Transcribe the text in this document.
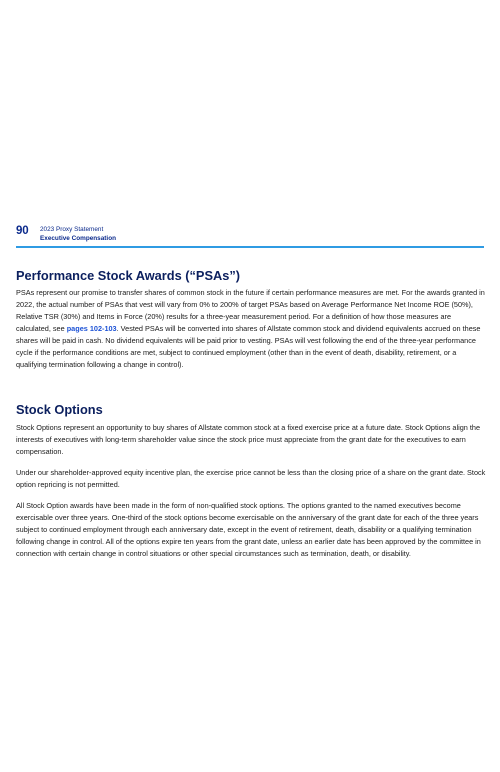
90 2023 Proxy Statement
Executive Compensation
Performance Stock Awards (“PSAs”)

PSAs represent our promise to transfer shares of common stock in the future if certain performance measures are met. For the awards granted in 2022, the actual number of PSAs that vest will vary from 0% to 200% of target PSAs based on Average Performance Net Income ROE (50%), Relative TSR (30%) and Items in Force (20%) results for a three-year measurement period. For a definition of how those measures are calculated, see pages 102-103. Vested PSAs will be converted into shares of Allstate common stock and dividend equivalents accrued on these shares will be paid in cash. No dividend equivalents will be paid prior to vesting. PSAs will vest following the end of the three-year performance cycle if the performance conditions are met, subject to continued employment (other than in the event of death, disability, retirement, or a qualifying termination following a change in control).

Stock Options

Stock Options represent an opportunity to buy shares of Allstate common stock at a fixed exercise price at a future date. Stock Options align the interests of executives with long-term shareholder value since the stock price must appreciate from the grant date for the executives to earn compensation.

Under our shareholder-approved equity incentive plan, the exercise price cannot be less than the closing price of a share on the grant date. Stock option repricing is not permitted.

All Stock Option awards have been made in the form of non-qualified stock options. The options granted to the named executives become exercisable over three years. One-third of the stock options become exercisable on the anniversary of the grant date for each of the three years subject to continued employment through each anniversary date, except in the event of retirement, death, disability or a qualifying termination following change in control. All of the options expire ten years from the grant date, unless an earlier date has been approved by the committee in connection with certain change in control situations or other special circumstances such as termination, death, or disability.
